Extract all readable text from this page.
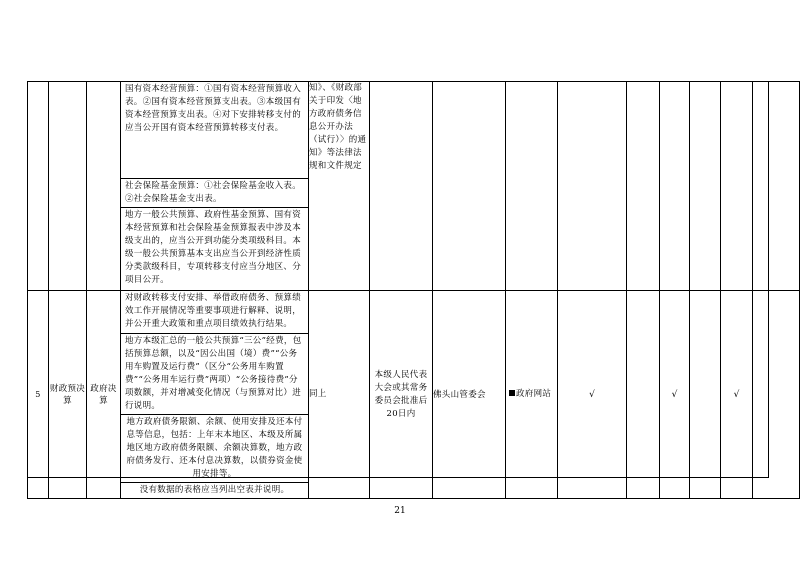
			国有资本经营预算：①国有资本经营预算收入表。②国有资本经营预算支出表。③本级国有资本经营预算支出表。④对下安排转移支付的应当公开国有资本经营预算转移支付表。	知》、《财政部关于印发〈地方政府债务信息公开办法（试行）〉的通知》等法律法规和文件规定									
			社会保险基金预算：①社会保险基金收入表。②社会保险基金支出表。										
			地方一般公共预算、政府性基金预算、国有资本经营预算和社会保险基金预算报表中涉及本级支出的，应当公开到功能分类项级科目。本级一般公共预算基本支出应当公开到经济性质分类款级科目，专项转移支付应当分地区、分项目公开。										
5	财政预决算	政府决算	对财政转移支付安排、举借政府债务、预算绩效工作开展情况等重要事项进行解释、说明，并公开重大政策和重点项目绩效执行结果。	同上	本级人民代表大会或其常务委员会批准后20日内	佛头山管委会	政府网站	√		√		√	
			地方本级汇总的一般公共预算“三公”经费，包括预算总额，以及“因公出国（境）费”“公务用车购置及运行费”（区分“公务用车购置费”“公务用车运行费”两项）“公务接待费”分项数额，并对增减变化情况（与预算对比）进行说明。										
			地方政府债务限额、余额、使用安排及还本付息等信息，包括：上年末本地区、本级及所属地区地方政府债务限额、余额决算数，地方政府债务发行、还本付息决算数，以债券资金使用安排等。										
			没有数据的表格应当列出空表并说明。										
21
